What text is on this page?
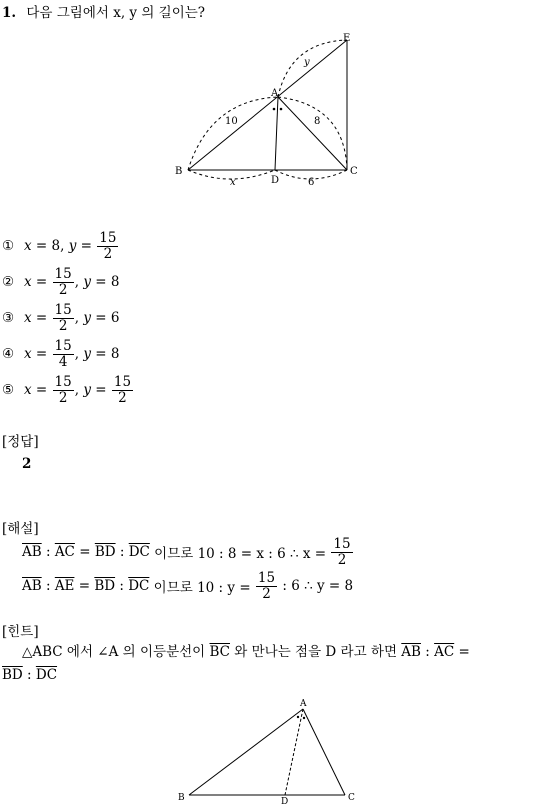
1. 다음 그림에서 x, y 의 길이는?
A
B	C
D
E
10	8
y
x	6
① x = 8 , $y = \frac{15}{2}$
② $x = \frac{15}{2}$ , y = 8
③ $x = \frac{15}{2}$ , y = 6
④ $x = \frac{15}{4}$ , y = 8
⑤ $x = \frac{15}{2}$ , $y = \frac{15}{2}$
[정답]
2
[해설]
$\overline{AB}$ : $\overline{AC} = \overline{BD}$ : $\overline{DC}$
이므로 10 : 8 = x : 6 ∴ x =
$\frac{15}{2}$
$\overline{AB}$ : $\overline{AE} = \overline{BD}$ : $\overline{DC}$
이므로 10 : y =
$\frac{15}{2}$
: 6 ∴ y = 8
[힌트]
△ABC 에서 ∠A 의 이등분선이 $\overline{BC}$ 와 만나는 점을 D 라고 하면 $\overline{AB}$ : $\overline{AC}$ =
$\overline{BD}$ : $\overline{DC}$
A
B	C
D
